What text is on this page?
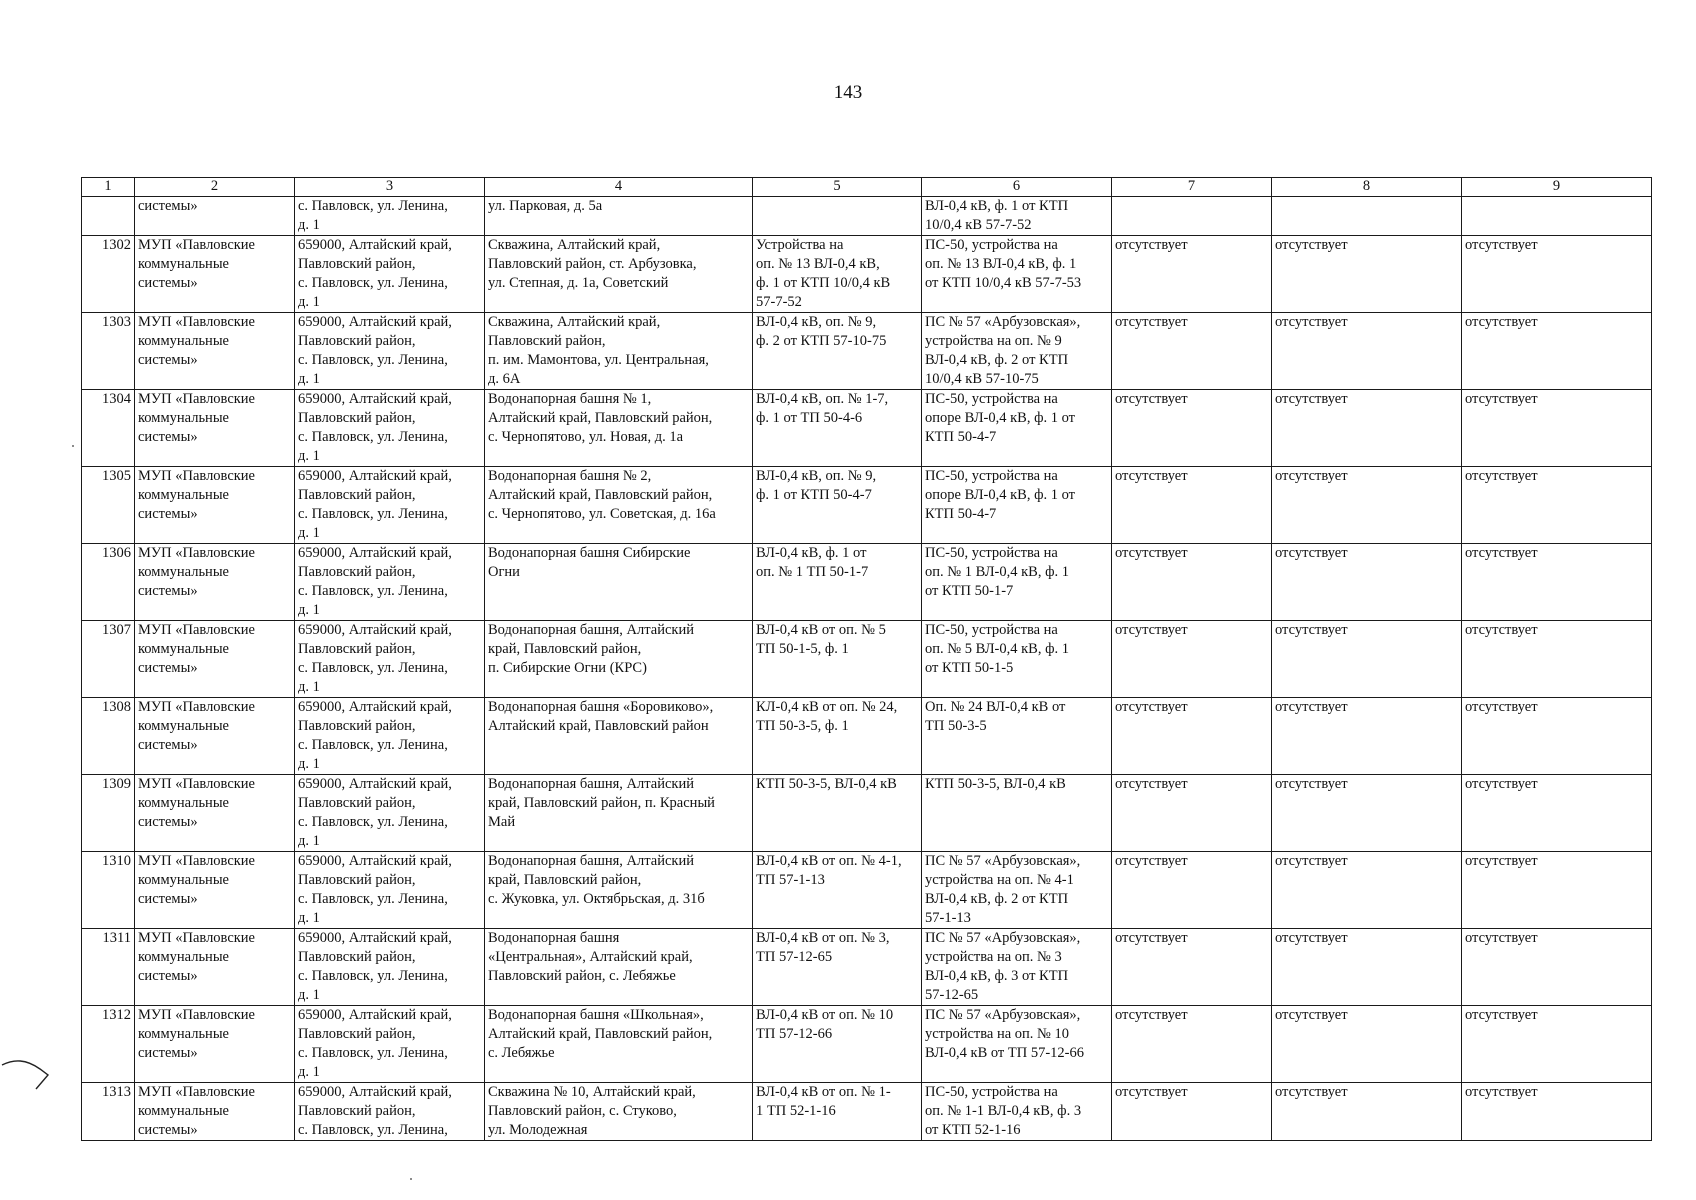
143
1	2	3	4	5	6	7	8	9

	системы»	с. Павловск, ул. Ленина,
д. 1	ул. Парковая, д. 5а		ВЛ-0,4 кВ, ф. 1 от КТП
10/0,4 кВ 57-7-52			

1302	МУП «Павловские
коммунальные
системы»	659000, Алтайский край,
Павловский район,
с. Павловск, ул. Ленина,
д. 1	Скважина, Алтайский край,
Павловский район, ст. Арбузовка,
ул. Степная, д. 1а, Советский	Устройства на
оп. № 13 ВЛ-0,4 кВ,
ф. 1 от КТП 10/0,4 кВ
57-7-52	ПС-50, устройства на
оп. № 13 ВЛ-0,4 кВ, ф. 1
от КТП 10/0,4 кВ 57-7-53	отсутствует	отсутствует	отсутствует

1303	МУП «Павловские
коммунальные
системы»	659000, Алтайский край,
Павловский район,
с. Павловск, ул. Ленина,
д. 1	Скважина, Алтайский край,
Павловский район,
п. им. Мамонтова, ул. Центральная,
д. 6А	ВЛ-0,4 кВ, оп. № 9,
ф. 2 от КТП 57-10-75	ПС № 57 «Арбузовская»,
устройства на оп. № 9
ВЛ-0,4 кВ, ф. 2 от КТП
10/0,4 кВ 57-10-75	отсутствует	отсутствует	отсутствует

1304	МУП «Павловские
коммунальные
системы»	659000, Алтайский край,
Павловский район,
с. Павловск, ул. Ленина,
д. 1	Водонапорная башня № 1,
Алтайский край, Павловский район,
с. Чернопятово, ул. Новая, д. 1а	ВЛ-0,4 кВ, оп. № 1-7,
ф. 1 от ТП 50-4-6	ПС-50, устройства на
опоре ВЛ-0,4 кВ, ф. 1 от
КТП 50-4-7	отсутствует	отсутствует	отсутствует

1305	МУП «Павловские
коммунальные
системы»	659000, Алтайский край,
Павловский район,
с. Павловск, ул. Ленина,
д. 1	Водонапорная башня № 2,
Алтайский край, Павловский район,
с. Чернопятово, ул. Советская, д. 16а	ВЛ-0,4 кВ, оп. № 9,
ф. 1 от КТП 50-4-7	ПС-50, устройства на
опоре ВЛ-0,4 кВ, ф. 1 от
КТП 50-4-7	отсутствует	отсутствует	отсутствует

1306	МУП «Павловские
коммунальные
системы»	659000, Алтайский край,
Павловский район,
с. Павловск, ул. Ленина,
д. 1	Водонапорная башня Сибирские
Огни	ВЛ-0,4 кВ, ф. 1 от
оп. № 1 ТП 50-1-7	ПС-50, устройства на
оп. № 1 ВЛ-0,4 кВ, ф. 1
от КТП 50-1-7	отсутствует	отсутствует	отсутствует

1307	МУП «Павловские
коммунальные
системы»	659000, Алтайский край,
Павловский район,
с. Павловск, ул. Ленина,
д. 1	Водонапорная башня, Алтайский
край, Павловский район,
п. Сибирские Огни (КРС)	ВЛ-0,4 кВ от оп. № 5
ТП 50-1-5, ф. 1	ПС-50, устройства на
оп. № 5 ВЛ-0,4 кВ, ф. 1
от КТП 50-1-5	отсутствует	отсутствует	отсутствует

1308	МУП «Павловские
коммунальные
системы»	659000, Алтайский край,
Павловский район,
с. Павловск, ул. Ленина,
д. 1	Водонапорная башня «Боровиково»,
Алтайский край, Павловский район	КЛ-0,4 кВ от оп. № 24,
ТП 50-3-5, ф. 1	Оп. № 24 ВЛ-0,4 кВ от
ТП 50-3-5	отсутствует	отсутствует	отсутствует

1309	МУП «Павловские
коммунальные
системы»	659000, Алтайский край,
Павловский район,
с. Павловск, ул. Ленина,
д. 1	Водонапорная башня, Алтайский
край, Павловский район, п. Красный
Май	КТП 50-3-5, ВЛ-0,4 кВ	КТП 50-3-5, ВЛ-0,4 кВ	отсутствует	отсутствует	отсутствует

1310	МУП «Павловские
коммунальные
системы»	659000, Алтайский край,
Павловский район,
с. Павловск, ул. Ленина,
д. 1	Водонапорная башня, Алтайский
край, Павловский район,
с. Жуковка, ул. Октябрьская, д. 31б	ВЛ-0,4 кВ от оп. № 4-1,
ТП 57-1-13	ПС № 57 «Арбузовская»,
устройства на оп. № 4-1
ВЛ-0,4 кВ, ф. 2 от КТП
57-1-13	отсутствует	отсутствует	отсутствует

1311	МУП «Павловские
коммунальные
системы»	659000, Алтайский край,
Павловский район,
с. Павловск, ул. Ленина,
д. 1	Водонапорная башня
«Центральная», Алтайский край,
Павловский район, с. Лебяжье	ВЛ-0,4 кВ от оп. № 3,
ТП 57-12-65	ПС № 57 «Арбузовская»,
устройства на оп. № 3
ВЛ-0,4 кВ, ф. 3 от КТП
57-12-65	отсутствует	отсутствует	отсутствует

1312	МУП «Павловские
коммунальные
системы»	659000, Алтайский край,
Павловский район,
с. Павловск, ул. Ленина,
д. 1	Водонапорная башня «Школьная»,
Алтайский край, Павловский район,
с. Лебяжье	ВЛ-0,4 кВ от оп. № 10
ТП 57-12-66	ПС № 57 «Арбузовская»,
устройства на оп. № 10
ВЛ-0,4 кВ от ТП 57-12-66	отсутствует	отсутствует	отсутствует

1313	МУП «Павловские
коммунальные
системы»	659000, Алтайский край,
Павловский район,
с. Павловск, ул. Ленина,	Скважина № 10, Алтайский край,
Павловский район, с. Стуково,
ул. Молодежная	ВЛ-0,4 кВ от оп. № 1-
1 ТП 52-1-16	ПС-50, устройства на
оп. № 1-1 ВЛ-0,4 кВ, ф. 3
от КТП 52-1-16	отсутствует	отсутствует	отсутствует
